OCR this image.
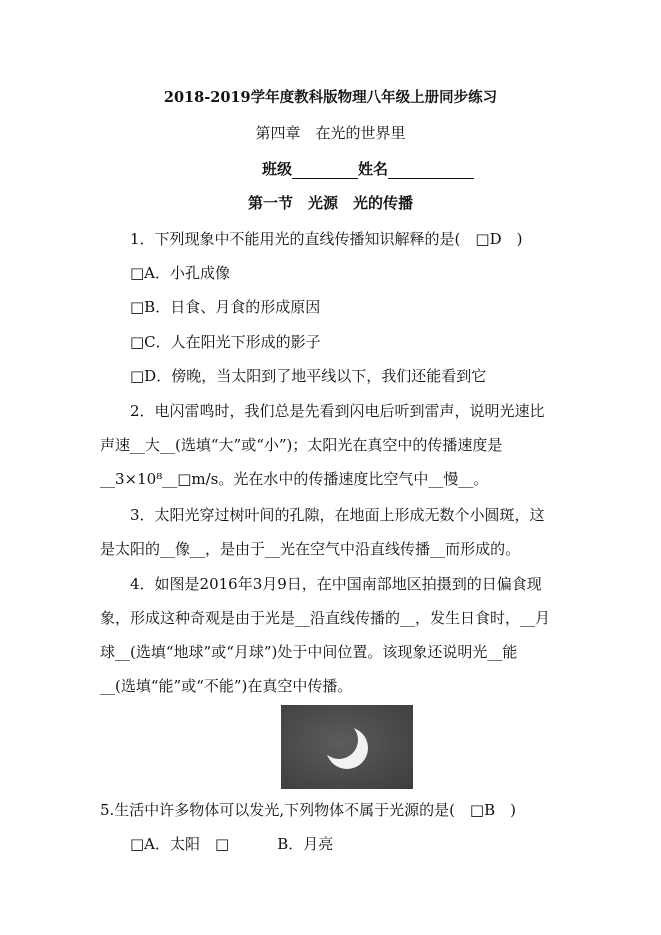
2018-2019学年度教科版物理八年级上册同步练习
第四章　在光的世界里
班级	姓名
第一节　光源　光的传播
1．下列现象中不能用光的直线传播知识解释的是(　□D　)
□A．小孔成像
□B．日食、月食的形成原因
□C．人在阳光下形成的影子
□D．傍晚，当太阳到了地平线以下，我们还能看到它
2．电闪雷鸣时，我们总是先看到闪电后听到雷声，说明光速比
声速__大__(选填“大”或“小”)；太阳光在真空中的传播速度是
__3×10⁸__□m/s。光在水中的传播速度比空气中__慢__。
3．太阳光穿过树叶间的孔隙，在地面上形成无数个小圆斑，这
是太阳的__像__，是由于__光在空气中沿直线传播__而形成的。
4．如图是2016年3月9日，在中国南部地区拍摄到的日偏食现
象，形成这种奇观是由于光是__沿直线传播的__，发生日食时，__月
球__(选填“地球”或“月球”)处于中间位置。该现象还说明光__能
__(选填“能”或“不能”)在真空中传播。
5.生活中许多物体可以发光,下列物体不属于光源的是(　□B　)
□A．太阳　□	B．月亮
